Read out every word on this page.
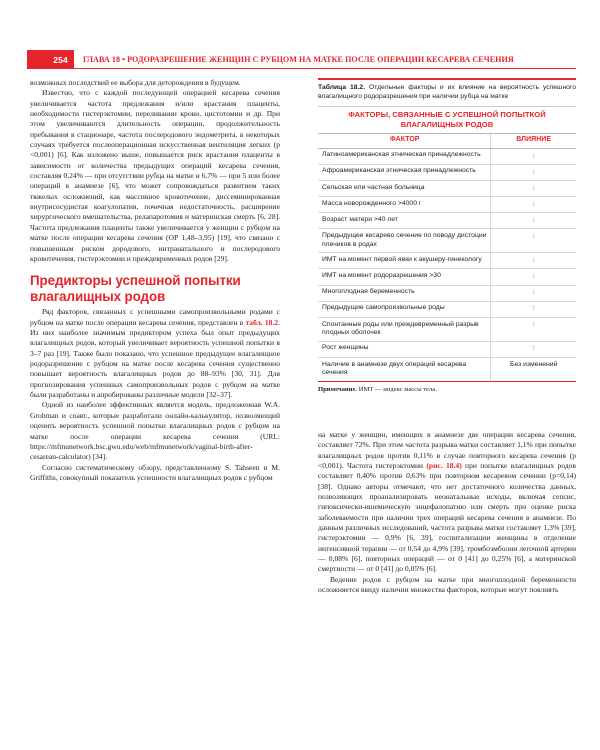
254	ГЛАВА 18 • РОДОРАЗРЕШЕНИЕ ЖЕНЩИН С РУБЦОМ НА МАТКЕ ПОСЛЕ ОПЕРАЦИИ КЕСАРЕВА СЕЧЕНИЯ

возможных последствий ее выбора для деторождения в будущем.

Известно, что с каждой последующей операцией кесарева сечения увеличивается частота предлежания и/или врастания плаценты, необходимости гистерэктомии, переливании крови, цистотомии и др. При этом увеличиваются длительность операции, продолжительность пребывания в стационаре, частота послеродового эндометрита, в некоторых случаях требуется послеоперационная искусственная вентиляция легких (p <0,001) [6]. Как изложено выше, повышается риск врастания плаценты в зависимости от количества предыдущих операций кесарева сечения, составляя 0,24% — при отсутствии рубца на матке и 6,7% — при 5 или более операций в анамнезе [6], что может сопровождаться развитием таких тяжелых осложнений, как массивное кровотечение, диссеминированная внутрисосудистая коагулопатия, почечная недостаточность, расширение хирургического вмешательства, релапаротомия и материнская смерть [6, 28]. Частота предлежания плаценты также увеличивается у женщин с рубцом на матке после операции кесарева сечения (ОР 1,48–3,95) [19], что связано с повышенным риском дородового, интранатального и послеродового кровотечения, гистерэктомии и преждевременных родов [29].

Предикторы успешной попытки влагалищных родов

Ряд факторов, связанных с успешными самопроизвольными родами с рубцом на матке после операции кесарева сечения, представлен в табл. 18.2. Из них наиболее значимым предиктором успеха был опыт предыдущих влагалищных родов, который увеличивает вероятность успешной попытки в 3–7 раз [19]. Также было показано, что успешное предыдущее влагалищное родоразрешение с рубцом на матке после кесарева сечения существенно повышает вероятность влагалищных родов до 88–93% [30, 31]. Для прогнозирования успешных самопроизвольных родов с рубцом на матке были разработаны и апробированы различные модели [32–37].

Одной из наиболее эффективных является модель, предложенная W.A. Grobman и соавт., которые разработали онлайн-калькулятор, позволяющий оценить вероятность успешной попытки влагалищных родов с рубцом на матке после операции кесарева сечения (URL: https://mfmunetwork.bsc.gwu.edu/web/mfmunetwork/vaginal-birth-after-cesarean-calculator) [34].

Согласно систематическому обзору, представленному S. Tahseen и M. Griffiths, совокупный показатель успешности влагалищных родов с рубцом

Таблица 18.2. Отдельные факторы и их влияние на вероятность успешного влагалищного родоразрешения при наличии рубца на матке
ФАКТОРЫ, СВЯЗАННЫЕ С УСПЕШНОЙ ПОПЫТКОЙ ВЛАГАЛИЩНЫХ РОДОВ
ФАКТОР	ВЛИЯНИЕ
Латиноамериканская этническая принадлежность	↓
Афроамериканская этническая принадлежность	↓
Сельская или частная больница	↓
Масса новорожденного >4000 г	↓
Возраст матери >40 лет	↓
Предыдущее кесарево сечение по поводу дистоции плечиков в родах	↓
ИМТ на момент первой явки к акушеру-гинекологу	↓
ИМТ на момент родоразрешения >30	↓
Многоплодная беременность	↓
Предыдущие самопроизвольные роды	↑
Спонтанные роды или преждевременный разрыв плодных оболочек	↑
Рост женщины	↑
Наличие в анамнезе двух операций кесарева сечения	Без изменений
Примечание. ИМТ — индекс массы тела.

на матке у женщин, имеющих в анамнезе две операции кесарева сечения, составляет 72%. При этом частота разрыва матки составляет 1,1% при попытке влагалищных родов против 0,11% в случае повторного кесарева сечения (p <0,001). Частота гистерэктомии (рис. 18.4) при попытке влагалищных родов составляет 0,40% против 0,63% при повторном кесаревом сечении (p=0,14) [38]. Однако авторы отмечают, что нет достаточного количества данных, позволяющих проанализировать неонатальные исходы, включая сепсис, гипоксически-ишемическую энцефалопатию или смерть при оценке риска заболеваемости при наличии трех операций кесарева сечения в анамнезе. По данным различных исследований, частота разрыва матки составляет 1,3% [39], гистерэктомии — 0,9% [6, 39], госпитализации женщины в отделение интенсивной терапии — от 0,54 до 4,9% [39], тромбоэмболии легочной артерии — 0,08% [6], повторных операций — от 0 [41] до 0,25% [6], а материнской смертности — от 0 [41] до 0,05% [6].

Ведение родов с рубцом на матке при многоплодной беременности осложняется ввиду наличии множества факторов, которые могут повлиять
